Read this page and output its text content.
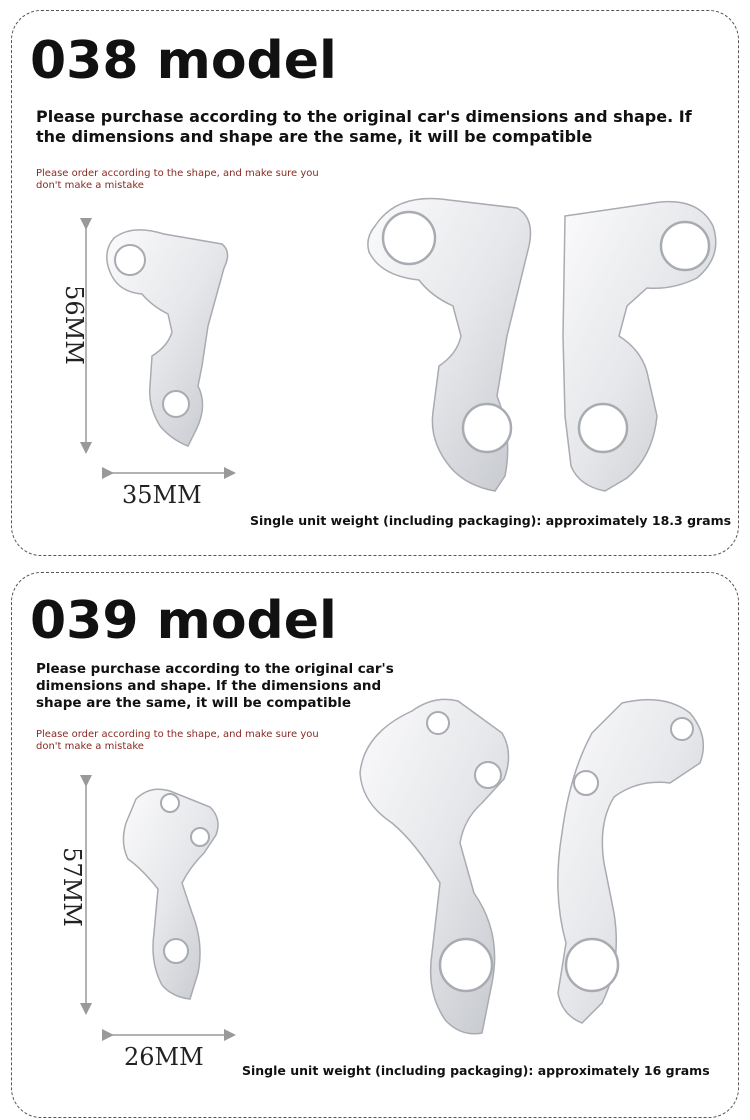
038 model

Please purchase according to the original car's dimensions and shape. If the dimensions and shape are the same, it will be compatible

Please order according to the shape, and make sure you don't make a mistake

56MM
35MM

Single unit weight (including packaging): approximately 18.3 grams

039 model

Please purchase according to the original car's dimensions and shape. If the dimensions and shape are the same, it will be compatible

Please order according to the shape, and make sure you don't make a mistake

57MM
26MM	Single unit weight (including packaging): approximately 16 grams
